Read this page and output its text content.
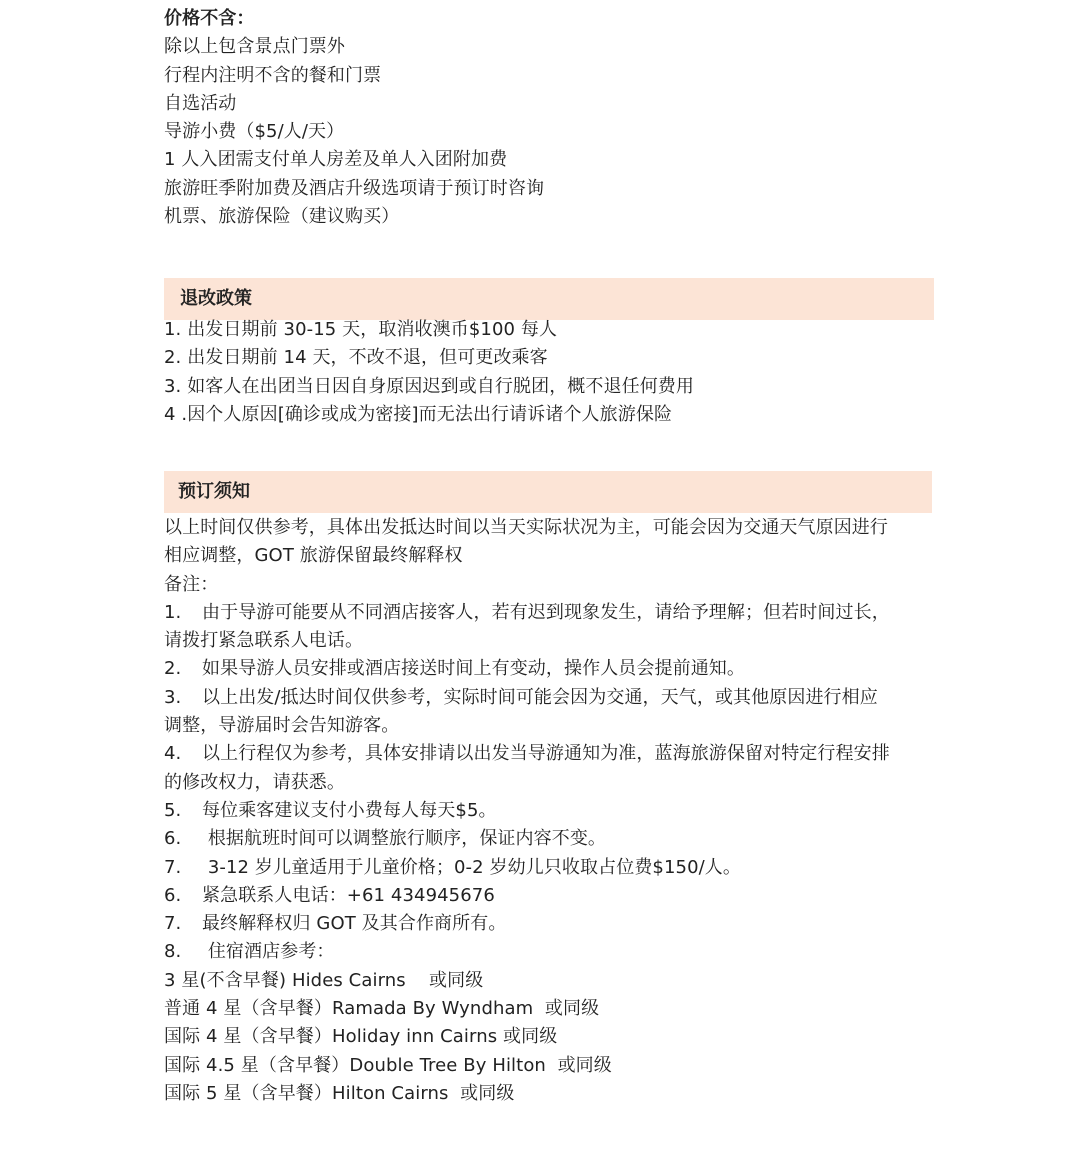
价格不含：
除以上包含景点门票外
行程内注明不含的餐和门票
自选活动
导游小费（$5/人/天）
1 人入团需支付单人房差及单人入团附加费
旅游旺季附加费及酒店升级选项请于预订时咨询
机票、旅游保险（建议购买）
退改政策
1. 出发日期前 30-15 天，取消收澳币$100 每人
2. 出发日期前 14 天，不改不退，但可更改乘客
3. 如客人在出团当日因自身原因迟到或自行脱团，概不退任何费用
4 .因个人原因[确诊或成为密接]而无法出行请诉诸个人旅游保险
预订须知
以上时间仅供参考，具体出发抵达时间以当天实际状况为主，可能会因为交通天气原因进行
相应调整，GOT 旅游保留最终解释权
备注：
1. 由于导游可能要从不同酒店接客人，若有迟到现象发生，请给予理解；但若时间过长，
请拨打紧急联系人电话。
2. 如果导游人员安排或酒店接送时间上有变动，操作人员会提前通知。
3. 以上出发/抵达时间仅供参考，实际时间可能会因为交通，天气，或其他原因进行相应
调整，导游届时会告知游客。
4. 以上行程仅为参考，具体安排请以出发当导游通知为准，蓝海旅游保留对特定行程安排
的修改权力，请获悉。
5. 每位乘客建议支付小费每人每天$5。
6. 根据航班时间可以调整旅行顺序，保证内容不变。
7. 3-12 岁儿童适用于儿童价格；0-2 岁幼儿只收取占位费$150/人。
6. 紧急联系人电话：+61 434945676
7. 最终解释权归 GOT 及其合作商所有。
8. 住宿酒店参考：
3 星(不含早餐) Hides Cairns    或同级
普通 4 星（含早餐）Ramada By Wyndham  或同级
国际 4 星（含早餐）Holiday inn Cairns 或同级
国际 4.5 星（含早餐）Double Tree By Hilton  或同级
国际 5 星（含早餐）Hilton Cairns  或同级
